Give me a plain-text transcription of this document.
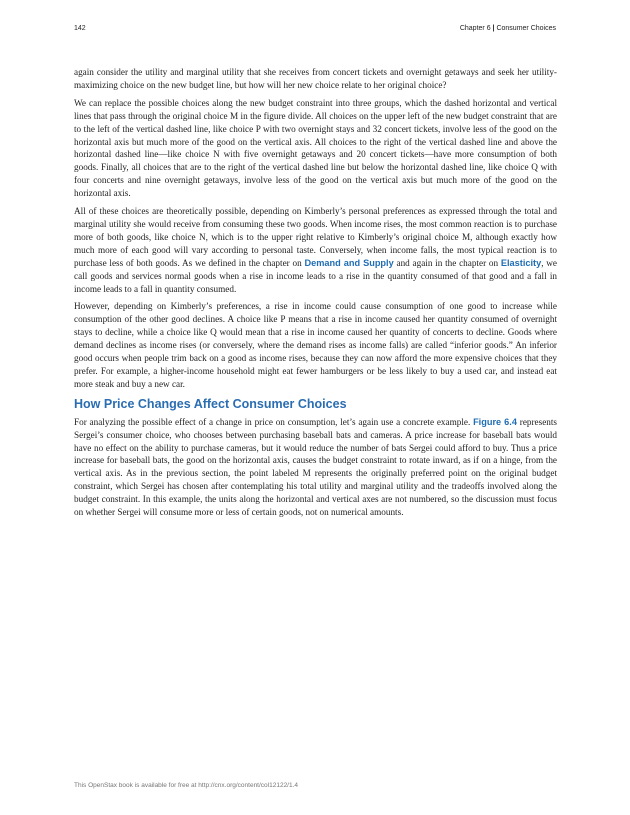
142	Chapter 6 | Consumer Choices

again consider the utility and marginal utility that she receives from concert tickets and overnight getaways and seek her utility-maximizing choice on the new budget line, but how will her new choice relate to her original choice?

We can replace the possible choices along the new budget constraint into three groups, which the dashed horizontal and vertical lines that pass through the original choice M in the figure divide. All choices on the upper left of the new budget constraint that are to the left of the vertical dashed line, like choice P with two overnight stays and 32 concert tickets, involve less of the good on the horizontal axis but much more of the good on the vertical axis. All choices to the right of the vertical dashed line and above the horizontal dashed line—like choice N with five overnight getaways and 20 concert tickets—have more consumption of both goods. Finally, all choices that are to the right of the vertical dashed line but below the horizontal dashed line, like choice Q with four concerts and nine overnight getaways, involve less of the good on the vertical axis but much more of the good on the horizontal axis.

All of these choices are theoretically possible, depending on Kimberly’s personal preferences as expressed through the total and marginal utility she would receive from consuming these two goods. When income rises, the most common reaction is to purchase more of both goods, like choice N, which is to the upper right relative to Kimberly’s original choice M, although exactly how much more of each good will vary according to personal taste. Conversely, when income falls, the most typical reaction is to purchase less of both goods. As we defined in the chapter on Demand and Supply and again in the chapter on Elasticity, we call goods and services normal goods when a rise in income leads to a rise in the quantity consumed of that good and a fall in income leads to a fall in quantity consumed.

However, depending on Kimberly’s preferences, a rise in income could cause consumption of one good to increase while consumption of the other good declines. A choice like P means that a rise in income caused her quantity consumed of overnight stays to decline, while a choice like Q would mean that a rise in income caused her quantity of concerts to decline. Goods where demand declines as income rises (or conversely, where the demand rises as income falls) are called “inferior goods.” An inferior good occurs when people trim back on a good as income rises, because they can now afford the more expensive choices that they prefer. For example, a higher-income household might eat fewer hamburgers or be less likely to buy a used car, and instead eat more steak and buy a new car.

How Price Changes Affect Consumer Choices

For analyzing the possible effect of a change in price on consumption, let’s again use a concrete example. Figure 6.4 represents Sergei’s consumer choice, who chooses between purchasing baseball bats and cameras. A price increase for baseball bats would have no effect on the ability to purchase cameras, but it would reduce the number of bats Sergei could afford to buy. Thus a price increase for baseball bats, the good on the horizontal axis, causes the budget constraint to rotate inward, as if on a hinge, from the vertical axis. As in the previous section, the point labeled M represents the originally preferred point on the original budget constraint, which Sergei has chosen after contemplating his total utility and marginal utility and the tradeoffs involved along the budget constraint. In this example, the units along the horizontal and vertical axes are not numbered, so the discussion must focus on whether Sergei will consume more or less of certain goods, not on numerical amounts.

This OpenStax book is available for free at http://cnx.org/content/col12122/1.4
